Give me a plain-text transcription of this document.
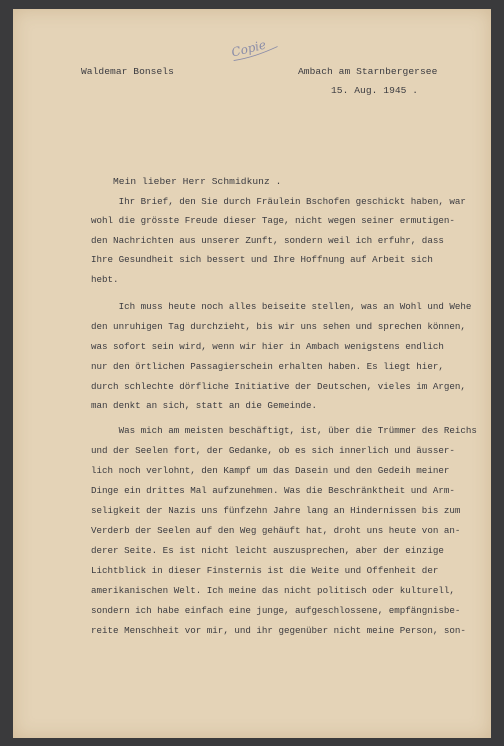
Copie
Waldemar Bonsels	Ambach am Starnbergersee
15. Aug. 1945 .
Mein lieber Herr Schmidkunz .
Ihr Brief, den Sie durch Fräulein Bschofen geschickt haben, war
wohl die grösste Freude dieser Tage, nicht wegen seiner ermutigen-
den Nachrichten aus unserer Zunft, sondern weil ich erfuhr, dass
Ihre Gesundheit sich bessert und Ihre Hoffnung auf Arbeit sich
hebt.
Ich muss heute noch alles beiseite stellen, was an Wohl und Wehe
den unruhigen Tag durchzieht, bis wir uns sehen und sprechen können,
was sofort sein wird, wenn wir hier in Ambach wenigstens endlich
nur den örtlichen Passagierschein erhalten haben. Es liegt hier,
durch schlechte dörfliche Initiative der Deutschen, vieles im Argen,
man denkt an sich, statt an die Gemeinde.
Was mich am meisten beschäftigt, ist, über die Trümmer des Reichs
und der Seelen fort, der Gedanke, ob es sich innerlich und äusser-
lich noch verlohnt, den Kampf um das Dasein und den Gedeih meiner
Dinge ein drittes Mal aufzunehmen. Was die Beschränktheit und Arm-
seligkeit der Nazis uns fünfzehn Jahre lang an Hindernissen bis zum
Verderb der Seelen auf den Weg gehäuft hat, droht uns heute von an-
derer Seite. Es ist nicht leicht auszusprechen, aber der einzige
Lichtblick in dieser Finsternis ist die Weite und Offenheit der
amerikanischen Welt. Ich meine das nicht politisch oder kulturell,
sondern ich habe einfach eine junge, aufgeschlossene, empfängnisbe-
reite Menschheit vor mir, und ihr gegenüber nicht meine Person, son-
